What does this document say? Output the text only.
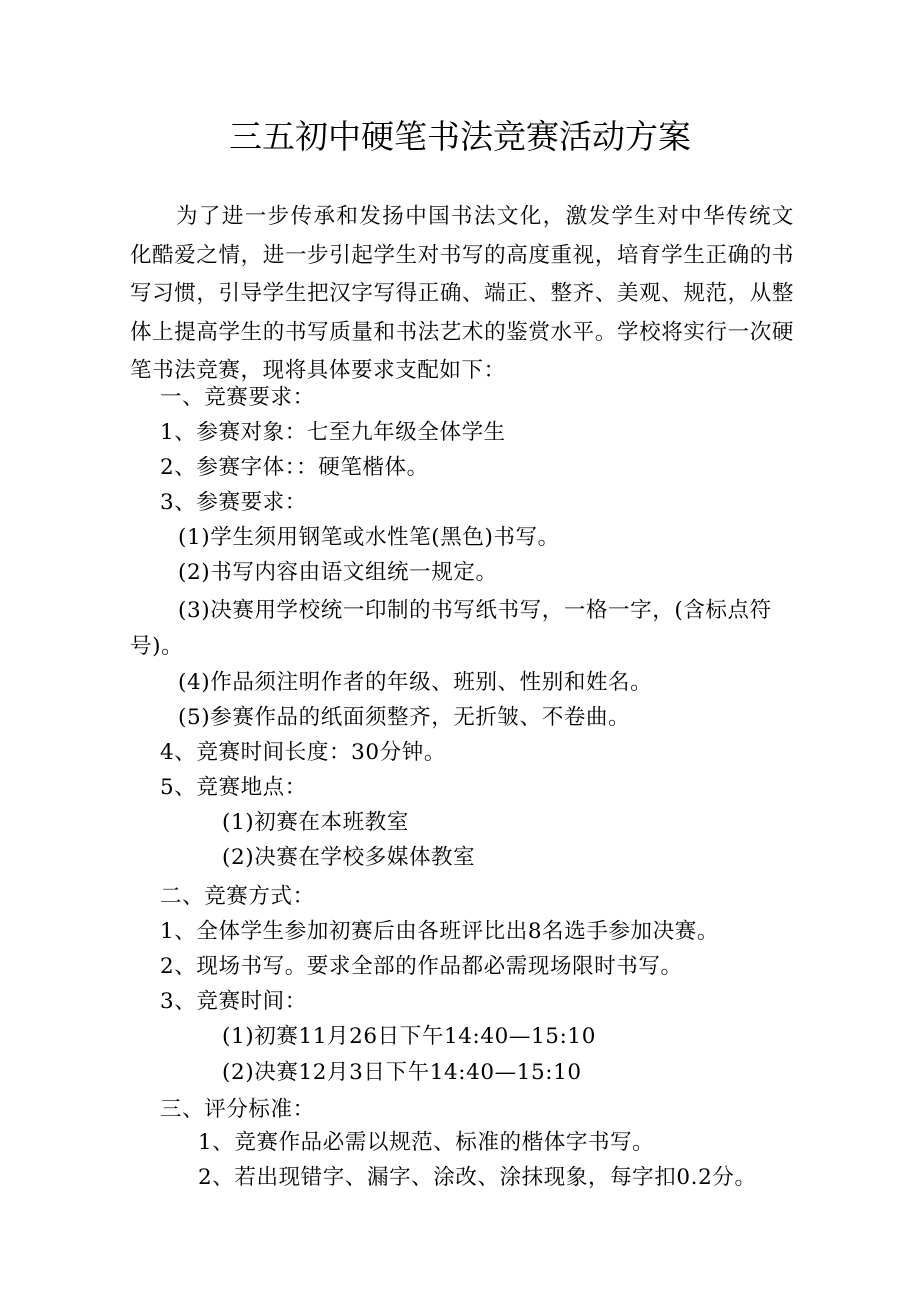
三五初中硬笔书法竞赛活动方案

为了进一步传承和发扬中国书法文化，激发学生对中华传统文化酷爱之情，进一步引起学生对书写的高度重视，培育学生正确的书写习惯，引导学生把汉字写得正确、端正、整齐、美观、规范，从整体上提高学生的书写质量和书法艺术的鉴赏水平。学校将实行一次硬笔书法竞赛，现将具体要求支配如下：

一、竞赛要求：

1、参赛对象：七至九年级全体学生

2、参赛字体：：硬笔楷体。

3、参赛要求：

(1)学生须用钢笔或水性笔(黑色)书写。

(2)书写内容由语文组统一规定。

(3)决赛用学校统一印制的书写纸书写，一格一字，(含标点符号)。

(4)作品须注明作者的年级、班别、性别和姓名。

(5)参赛作品的纸面须整齐，无折皱、不卷曲。

4、竞赛时间长度：30分钟。

5、竞赛地点：

(1)初赛在本班教室

(2)决赛在学校多媒体教室

二、竞赛方式：

1、全体学生参加初赛后由各班评比出8名选手参加决赛。

2、现场书写。要求全部的作品都必需现场限时书写。

3、竞赛时间：

(1)初赛11月26日下午14:40—15:10

(2)决赛12月3日下午14:40—15:10

三、评分标准：

1、竞赛作品必需以规范、标准的楷体字书写。

2、若出现错字、漏字、涂改、涂抹现象，每字扣0.2分。
